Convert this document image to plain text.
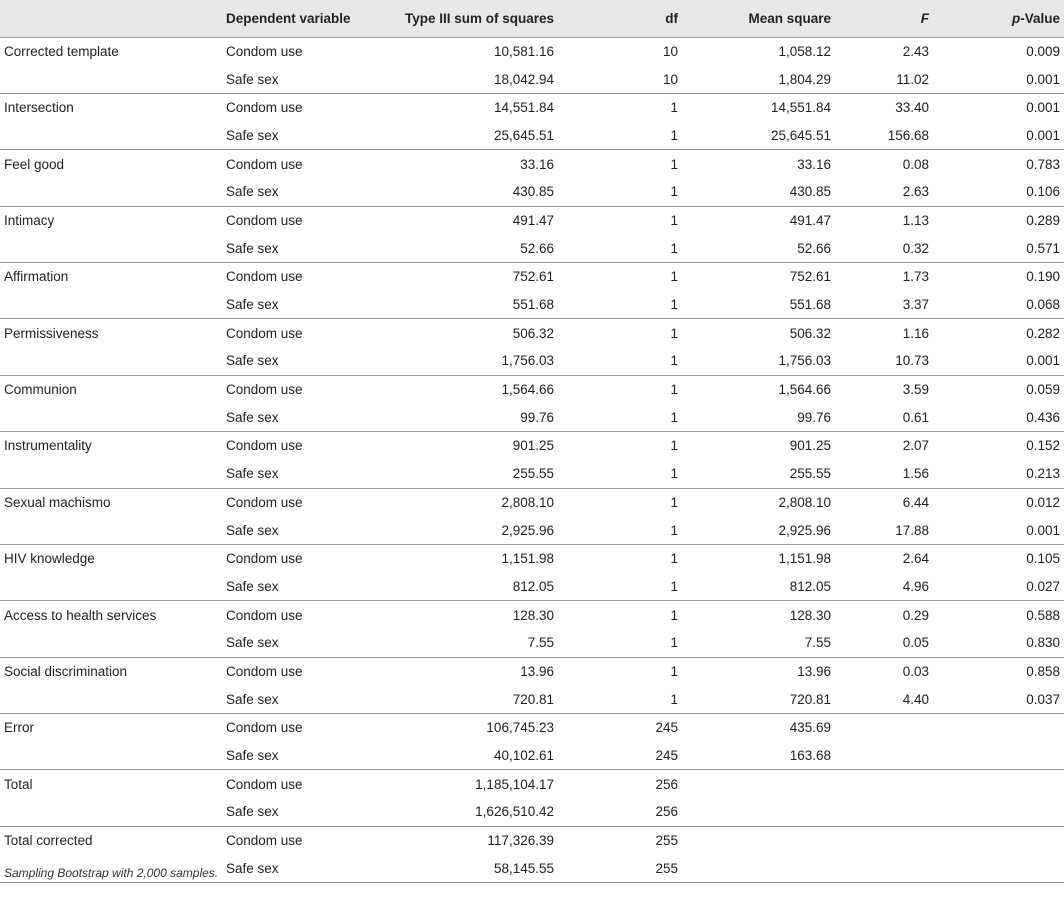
	Dependent variable	Type III sum of squares	df	Mean square	F	p-Value
Corrected template	Condom use	10,581.16	10	1,058.12	2.43	0.009
	Safe sex	18,042.94	10	1,804.29	11.02	0.001
Intersection	Condom use	14,551.84	1	14,551.84	33.40	0.001
	Safe sex	25,645.51	1	25,645.51	156.68	0.001
Feel good	Condom use	33.16	1	33.16	0.08	0.783
	Safe sex	430.85	1	430.85	2.63	0.106
Intimacy	Condom use	491.47	1	491.47	1.13	0.289
	Safe sex	52.66	1	52.66	0.32	0.571
Affirmation	Condom use	752.61	1	752.61	1.73	0.190
	Safe sex	551.68	1	551.68	3.37	0.068
Permissiveness	Condom use	506.32	1	506.32	1.16	0.282
	Safe sex	1,756.03	1	1,756.03	10.73	0.001
Communion	Condom use	1,564.66	1	1,564.66	3.59	0.059
	Safe sex	99.76	1	99.76	0.61	0.436
Instrumentality	Condom use	901.25	1	901.25	2.07	0.152
	Safe sex	255.55	1	255.55	1.56	0.213
Sexual machismo	Condom use	2,808.10	1	2,808.10	6.44	0.012
	Safe sex	2,925.96	1	2,925.96	17.88	0.001
HIV knowledge	Condom use	1,151.98	1	1,151.98	2.64	0.105
	Safe sex	812.05	1	812.05	4.96	0.027
Access to health services	Condom use	128.30	1	128.30	0.29	0.588
	Safe sex	7.55	1	7.55	0.05	0.830
Social discrimination	Condom use	13.96	1	13.96	0.03	0.858
	Safe sex	720.81	1	720.81	4.40	0.037
Error	Condom use	106,745.23	245	435.69		
	Safe sex	40,102.61	245	163.68		
Total	Condom use	1,185,104.17	256			
	Safe sex	1,626,510.42	256			
Total corrected	Condom use	117,326.39	255			
	Safe sex	58,145.55	255			
Sampling Bootstrap with 2,000 samples.
